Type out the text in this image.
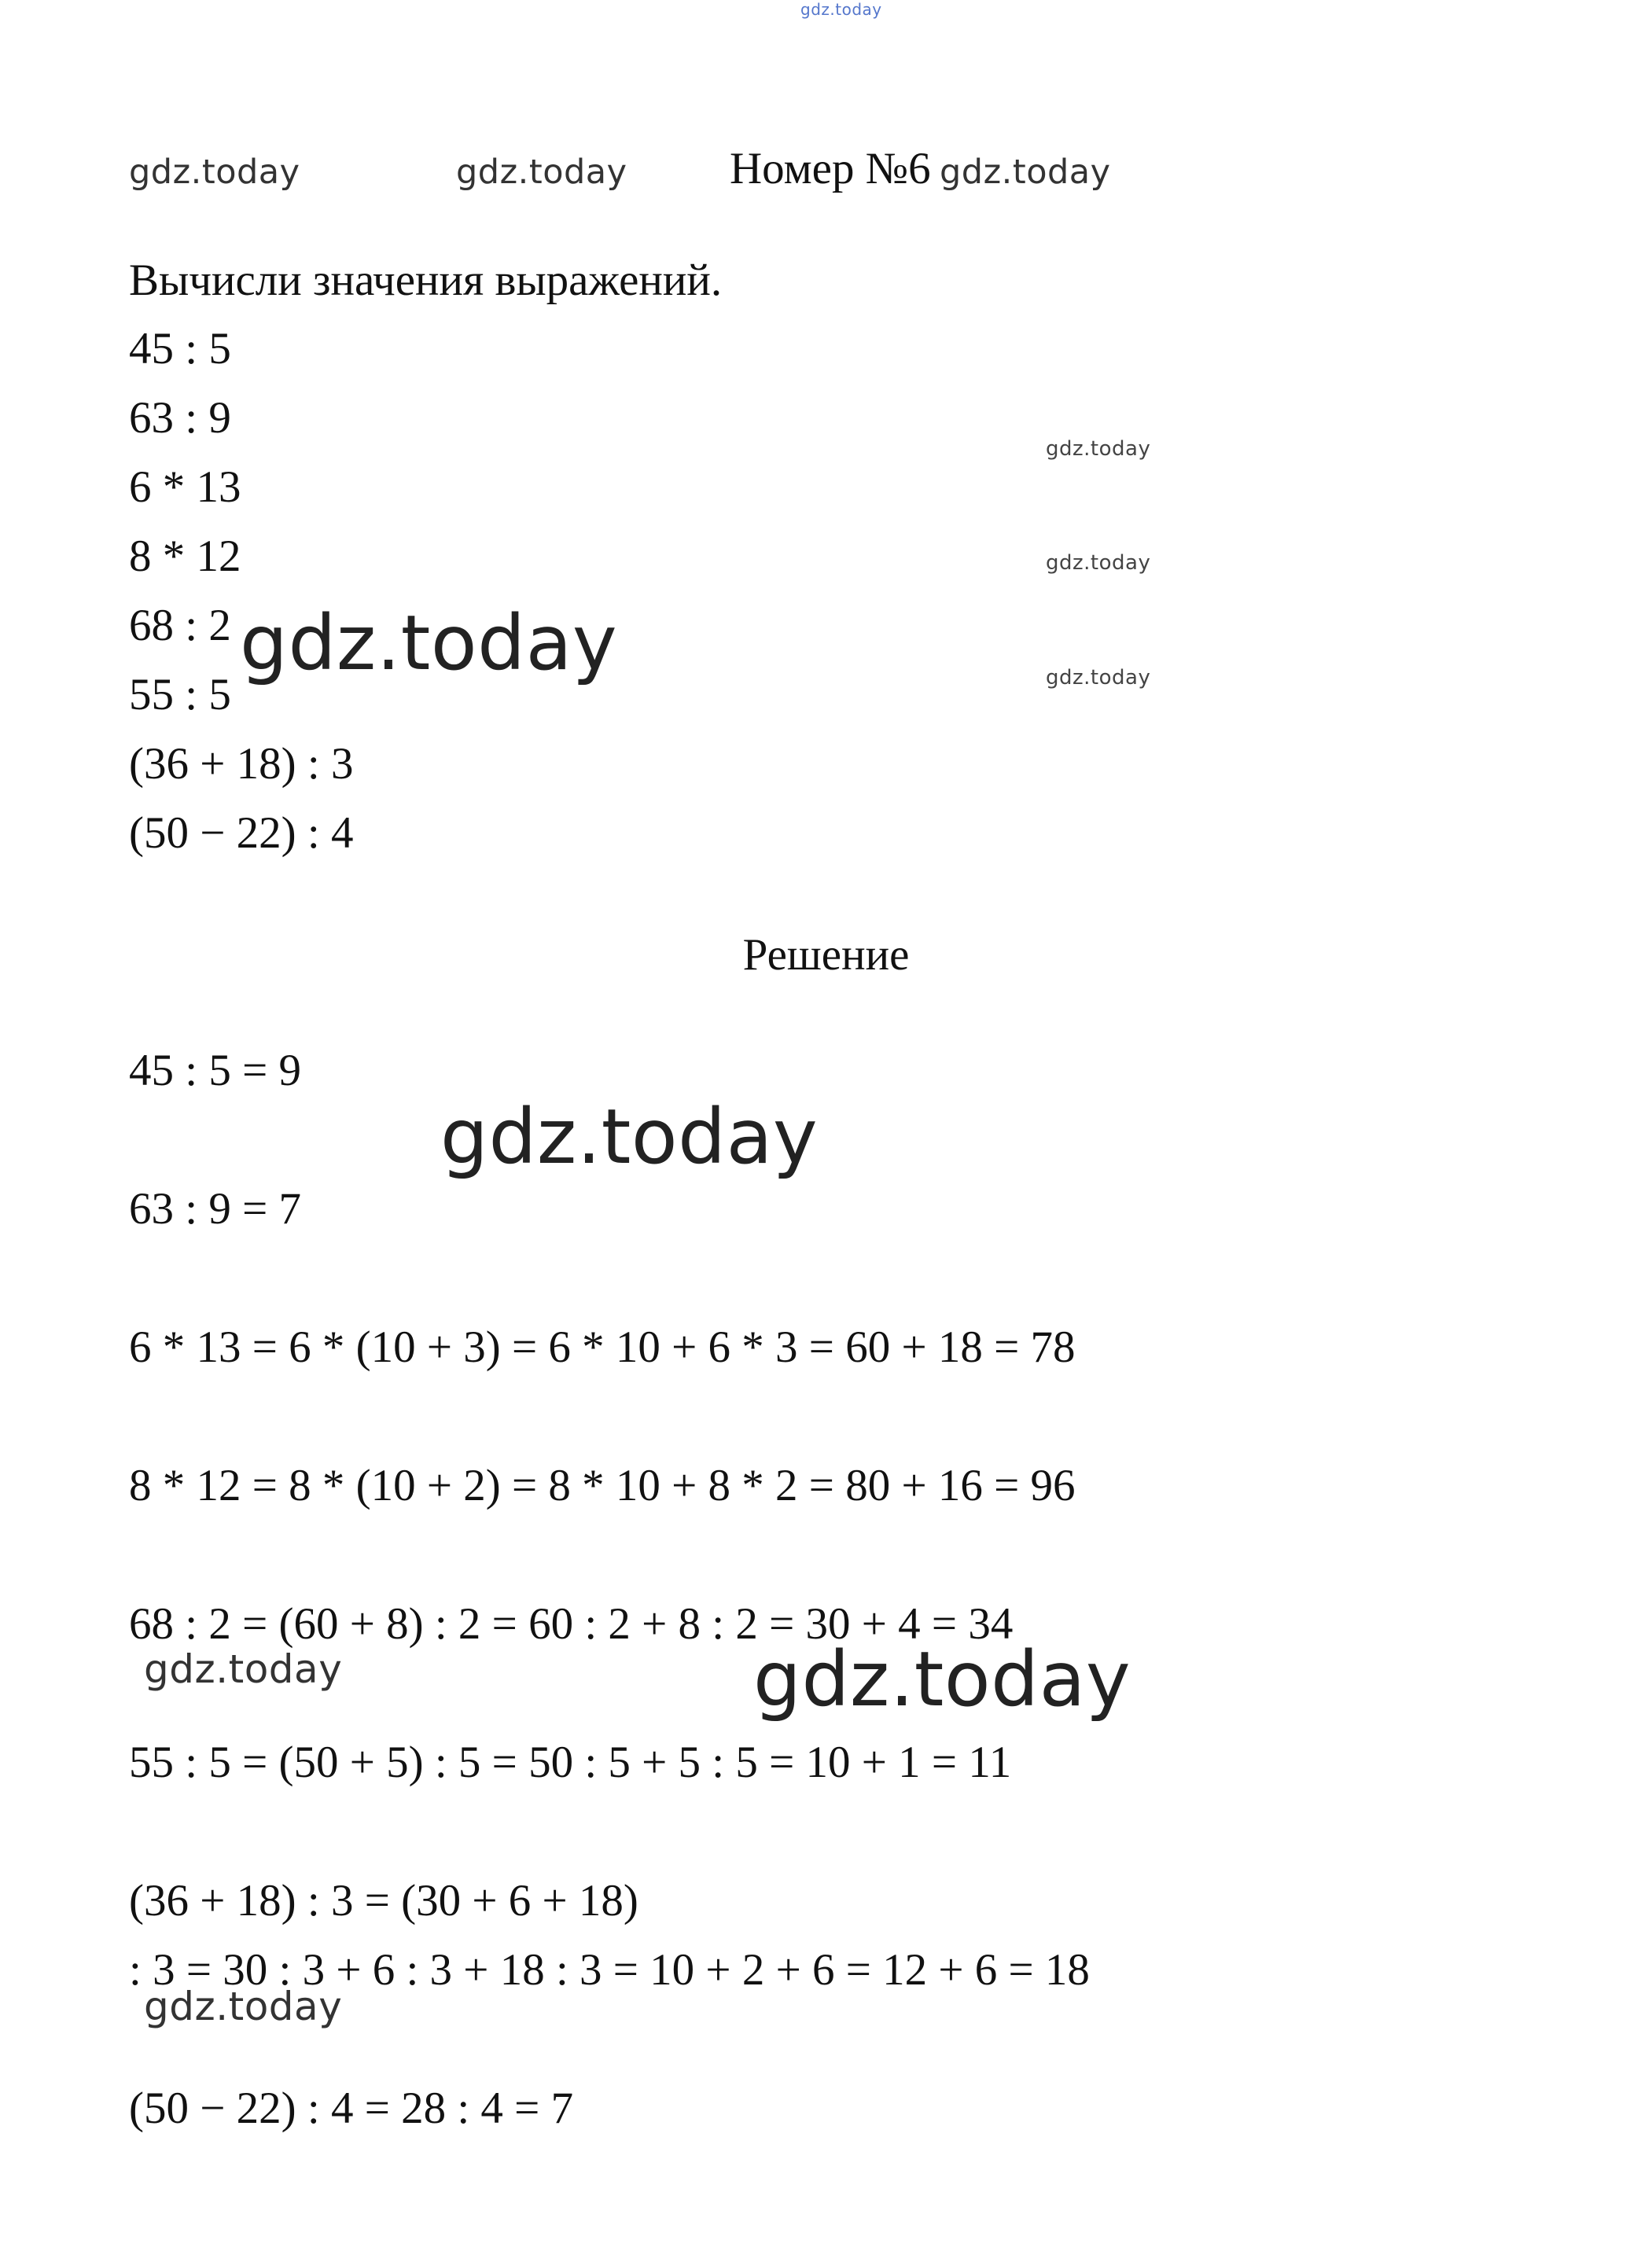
gdz.today
gdz.today	gdz.today Номер №6 gdz.today
Вычисли значения выражений.
45 : 5
63 : 9
6 * 13
8 * 12
68 : 2
55 : 5
(36 + 18) : 3
(50 − 22) : 4
gdz.today
gdz.today
gdz.today
gdz.today
Решение
45 : 5 = 9
63 : 9 = 7
6 * 13 = 6 * (10 + 3) = 6 * 10 + 6 * 3 = 60 + 18 = 78
8 * 12 = 8 * (10 + 2) = 8 * 10 + 8 * 2 = 80 + 16 = 96
68 : 2 = (60 + 8) : 2 = 60 : 2 + 8 : 2 = 30 + 4 = 34
55 : 5 = (50 + 5) : 5 = 50 : 5 + 5 : 5 = 10 + 1 = 11
(36 + 18) : 3 = (30 + 6 + 18)
: 3 = 30 : 3 + 6 : 3 + 18 : 3 = 10 + 2 + 6 = 12 + 6 = 18
(50 − 22) : 4 = 28 : 4 = 7
gdz.today
gdz.today	gdz.today
gdz.today
